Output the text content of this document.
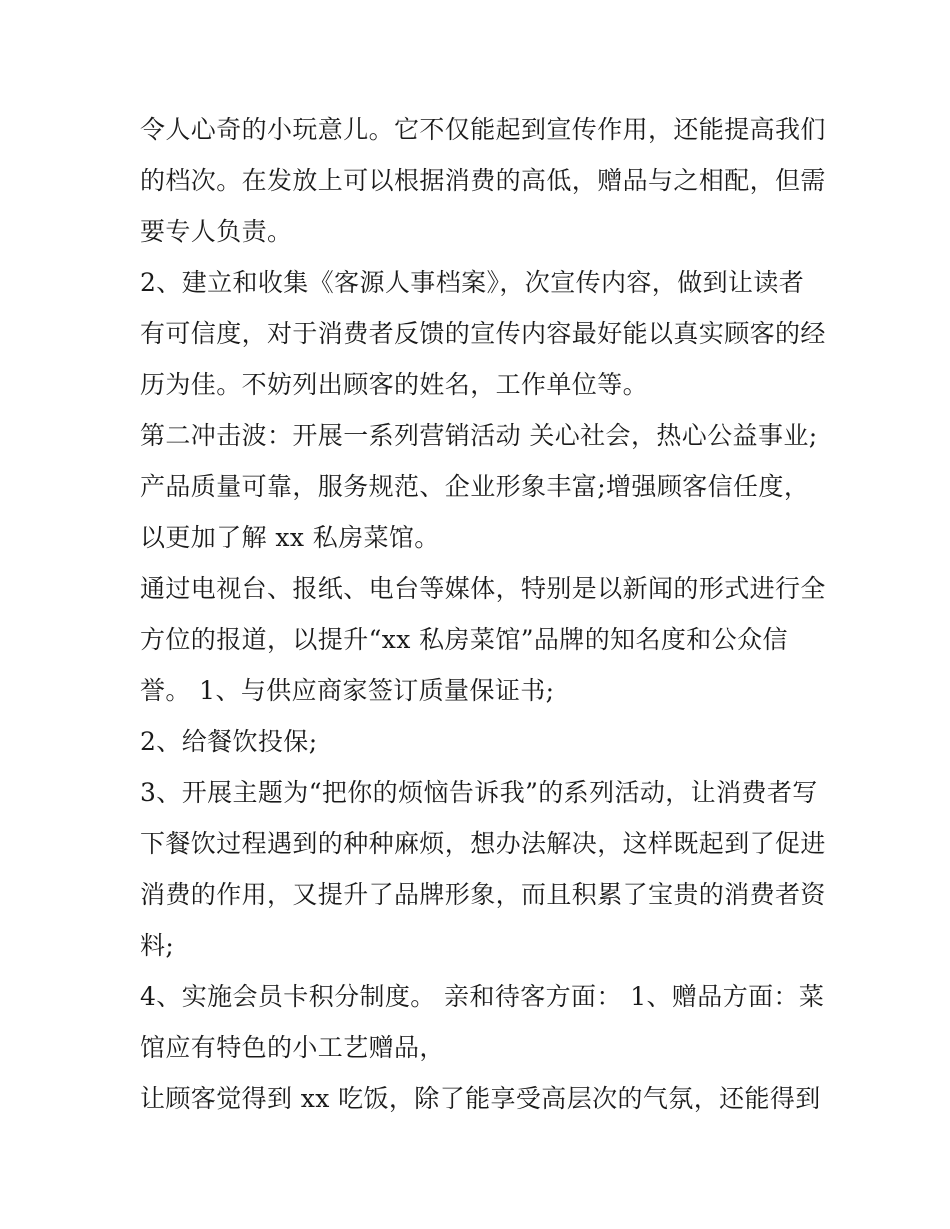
令人心奇的小玩意儿。它不仅能起到宣传作用，还能提高我们
的档次。在发放上可以根据消费的高低，赠品与之相配，但需
要专人负责。
2、建立和收集《客源人事档案》，次宣传内容，做到让读者
有可信度，对于消费者反馈的宣传内容最好能以真实顾客的经
历为佳。不妨列出顾客的姓名，工作单位等。
第二冲击波：开展一系列营销活动 关心社会，热心公益事业;
产品质量可靠，服务规范、企业形象丰富;增强顾客信任度，
以更加了解 xx 私房菜馆。
通过电视台、报纸、电台等媒体，特别是以新闻的形式进行全
方位的报道，以提升“xx 私房菜馆”品牌的知名度和公众信
誉。 1、与供应商家签订质量保证书;
2、给餐饮投保;
3、开展主题为“把你的烦恼告诉我”的系列活动，让消费者写
下餐饮过程遇到的种种麻烦，想办法解决，这样既起到了促进
消费的作用，又提升了品牌形象，而且积累了宝贵的消费者资
料;
4、实施会员卡积分制度。 亲和待客方面： 1、赠品方面：菜
馆应有特色的小工艺赠品，
让顾客觉得到 xx 吃饭，除了能享受高层次的气氛，还能得到
